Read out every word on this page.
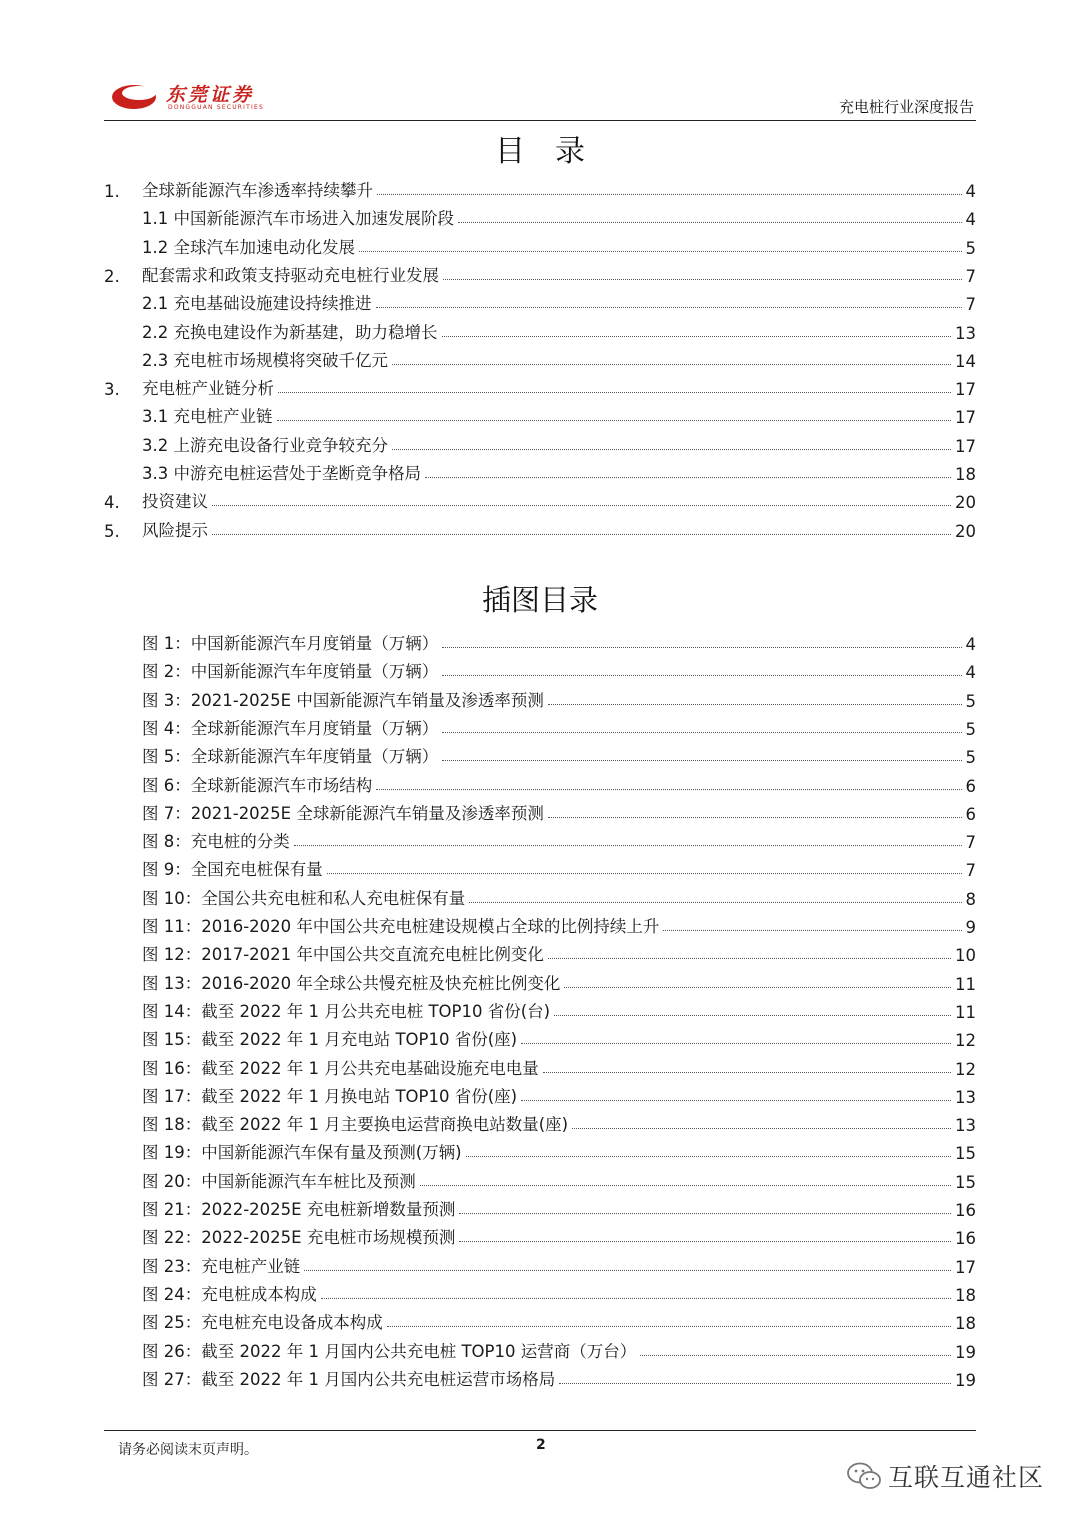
东莞证券
DONGGUAN SECURITIES	充电桩行业深度报告
目　录
1.	全球新能源汽车渗透率持续攀升	4
1.1 中国新能源汽车市场进入加速发展阶段	4
1.2 全球汽车加速电动化发展	5
2.	配套需求和政策支持驱动充电桩行业发展	7
2.1 充电基础设施建设持续推进	7
2.2 充换电建设作为新基建，助力稳增长	13
2.3 充电桩市场规模将突破千亿元	14
3.	充电桩产业链分析	17
3.1 充电桩产业链	17
3.2 上游充电设备行业竞争较充分	17
3.3 中游充电桩运营处于垄断竞争格局	18
4.	投资建议	20
5.	风险提示	20
插图目录
图 1：中国新能源汽车月度销量（万辆）	4
图 2：中国新能源汽车年度销量（万辆）	4
图 3：2021-2025E 中国新能源汽车销量及渗透率预测	5
图 4：全球新能源汽车月度销量（万辆）	5
图 5：全球新能源汽车年度销量（万辆）	5
图 6：全球新能源汽车市场结构	6
图 7：2021-2025E 全球新能源汽车销量及渗透率预测	6
图 8：充电桩的分类	7
图 9：全国充电桩保有量	7
图 10：全国公共充电桩和私人充电桩保有量	8
图 11：2016-2020 年中国公共充电桩建设规模占全球的比例持续上升	9
图 12：2017-2021 年中国公共交直流充电桩比例变化	10
图 13：2016-2020 年全球公共慢充桩及快充桩比例变化	11
图 14：截至 2022 年 1 月公共充电桩 TOP10 省份(台)	11
图 15：截至 2022 年 1 月充电站 TOP10 省份(座)	12
图 16：截至 2022 年 1 月公共充电基础设施充电电量	12
图 17：截至 2022 年 1 月换电站 TOP10 省份(座)	13
图 18：截至 2022 年 1 月主要换电运营商换电站数量(座)	13
图 19：中国新能源汽车保有量及预测(万辆)	15
图 20：中国新能源汽车车桩比及预测	15
图 21：2022-2025E 充电桩新增数量预测	16
图 22：2022-2025E 充电桩市场规模预测	16
图 23：充电桩产业链	17
图 24：充电桩成本构成	18
图 25：充电桩充电设备成本构成	18
图 26：截至 2022 年 1 月国内公共充电桩 TOP10 运营商（万台）	19
图 27：截至 2022 年 1 月国内公共充电桩运营市场格局	19
请务必阅读末页声明。	2
互联互通社区
